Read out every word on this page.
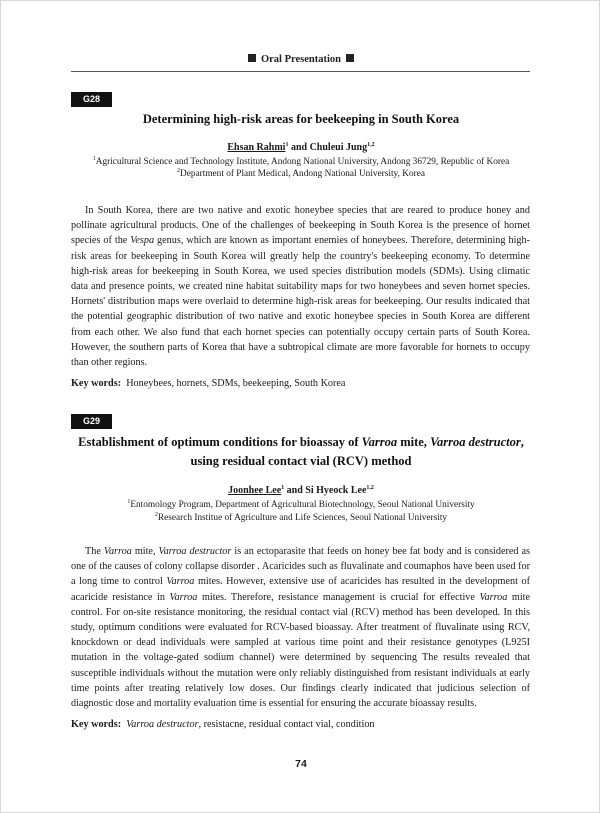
Oral Presentation
G28
Determining high-risk areas for beekeeping in South Korea
Ehsan Rahmi$^1$ and Chuleui Jung$^{1,2}$
$^1$Agricultural Science and Technology Institute, Andong National University, Andong 36729, Republic of Korea
$^2$Department of Plant Medical, Andong National University, Korea
In South Korea, there are two native and exotic honeybee species that are reared to produce honey and pollinate agricultural products. One of the challenges of beekeeping in South Korea is the presence of hornet species of the Vespa genus, which are known as important enemies of honeybees. Therefore, determining high-risk areas for beekeeping in South Korea will greatly help the country's beekeeping economy. To determine high-risk areas for beekeeping in South Korea, we used species distribution models (SDMs). Using climatic data and presence points, we created nine habitat suitability maps for two honeybees and seven hornet species. Hornets' distribution maps were overlaid to determine high-risk areas for beekeeping. Our results indicated that the potential geographic distribution of two native and exotic honeybee species in South Korea are different from each other. We also fund that each hornet species can potentially occupy certain parts of South Korea. However, the southern parts of Korea that have a subtropical climate are more favorable for hornets to occupy than other regions.
Key words: Honeybees, hornets, SDMs, beekeeping, South Korea
G29
Establishment of optimum conditions for bioassay of Varroa mite, Varroa destructor,
using residual contact vial (RCV) method
Joonhee Lee$^1$ and Si Hyeock Lee$^{1,2}$
$^1$Entomology Program, Department of Agricultural Biotechnology, Seoul National University
$^2$Research Institue of Agriculture and Life Sciences, Seoul National University
The Varroa mite, Varroa destructor is an ectoparasite that feeds on honey bee fat body and is considered as one of the causes of colony collapse disorder . Acaricides such as fluvalinate and coumaphos have been used for a long time to control Varroa mites. However, extensive use of acaricides has resulted in the development of acaricide resistance in Varroa mites. Therefore, resistance management is crucial for effective Varroa mite control. For on-site resistance monitoring, the residual contact vial (RCV) method has been developed. In this study, optimum conditions were evaluated for RCV-based bioassay. After treatment of fluvalinate using RCV, knockdown or dead individuals were sampled at various time point and their resistance genotypes (L925I mutation in the voltage-gated sodium channel) were determined by sequencing The results revealed that susceptible individuals without the mutation were only reliably distinguished from resistant individuals at early time points after treating relatively low doses. Our findings clearly indicated that judicious selection of diagnostic dose and mortality evaluation time is essential for ensuring the accurate bioassay results.
Key words: Varroa destructor, resistacne, residual contact vial, condition
74
